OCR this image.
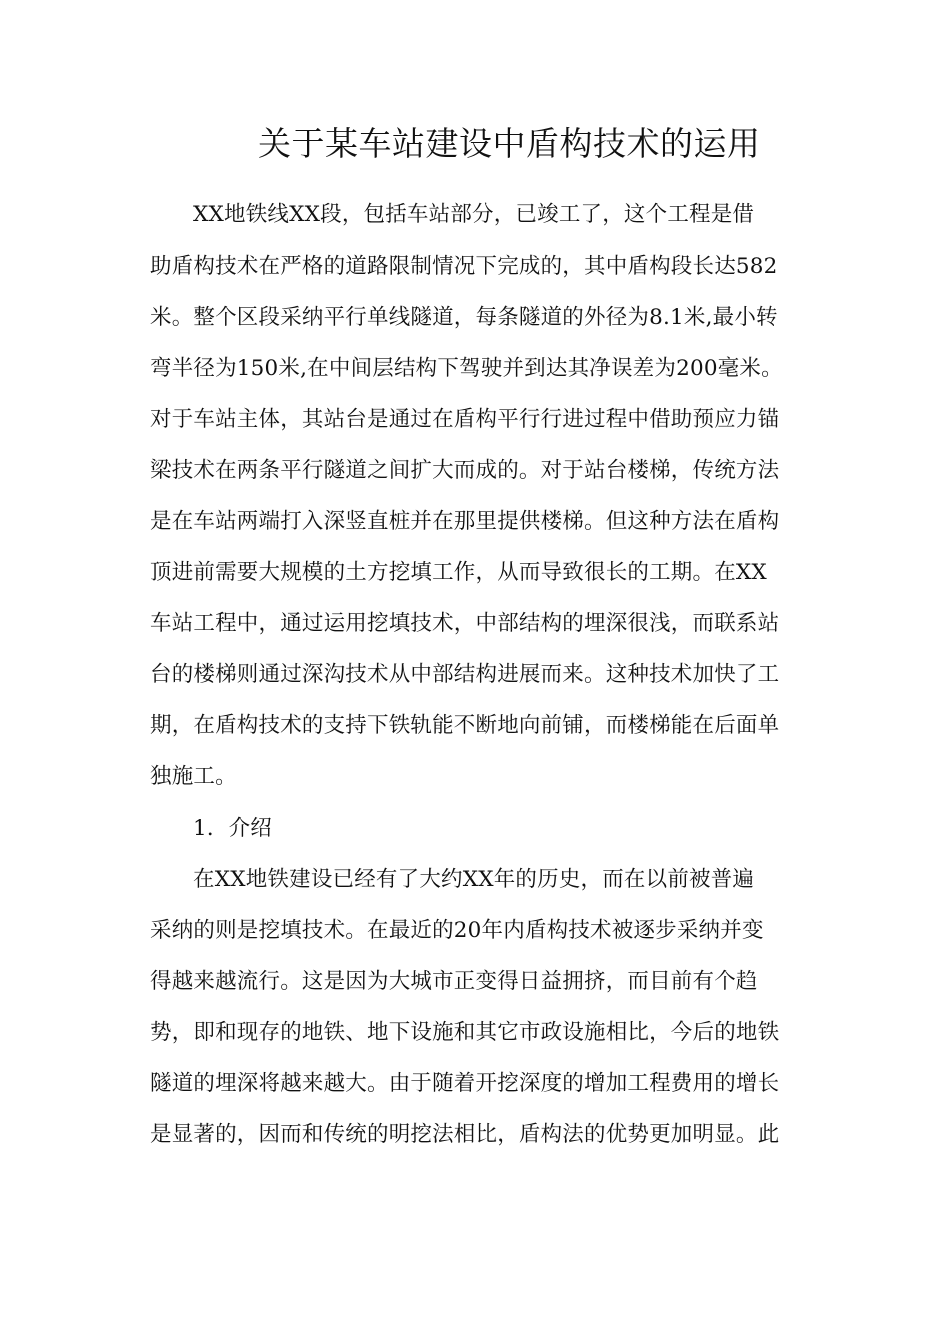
关于某车站建设中盾构技术的运用
XX地铁线XX段，包括车站部分，已竣工了，这个工程是借
助盾构技术在严格的道路限制情况下完成的，其中盾构段长达582
米。整个区段采纳平行单线隧道，每条隧道的外径为8.1米,最小转
弯半径为150米,在中间层结构下驾驶并到达其净误差为200毫米。
对于车站主体，其站台是通过在盾构平行行进过程中借助预应力锚
梁技术在两条平行隧道之间扩大而成的。对于站台楼梯，传统方法
是在车站两端打入深竖直桩并在那里提供楼梯。但这种方法在盾构
顶进前需要大规模的土方挖填工作，从而导致很长的工期。在XX
车站工程中，通过运用挖填技术，中部结构的埋深很浅，而联系站
台的楼梯则通过深沟技术从中部结构进展而来。这种技术加快了工
期，在盾构技术的支持下铁轨能不断地向前铺，而楼梯能在后面单
独施工。
1．介绍
在XX地铁建设已经有了大约XX年的历史，而在以前被普遍
采纳的则是挖填技术。在最近的20年内盾构技术被逐步采纳并变
得越来越流行。这是因为大城市正变得日益拥挤，而目前有个趋
势，即和现存的地铁、地下设施和其它市政设施相比，今后的地铁
隧道的埋深将越来越大。由于随着开挖深度的增加工程费用的增长
是显著的，因而和传统的明挖法相比，盾构法的优势更加明显。此
